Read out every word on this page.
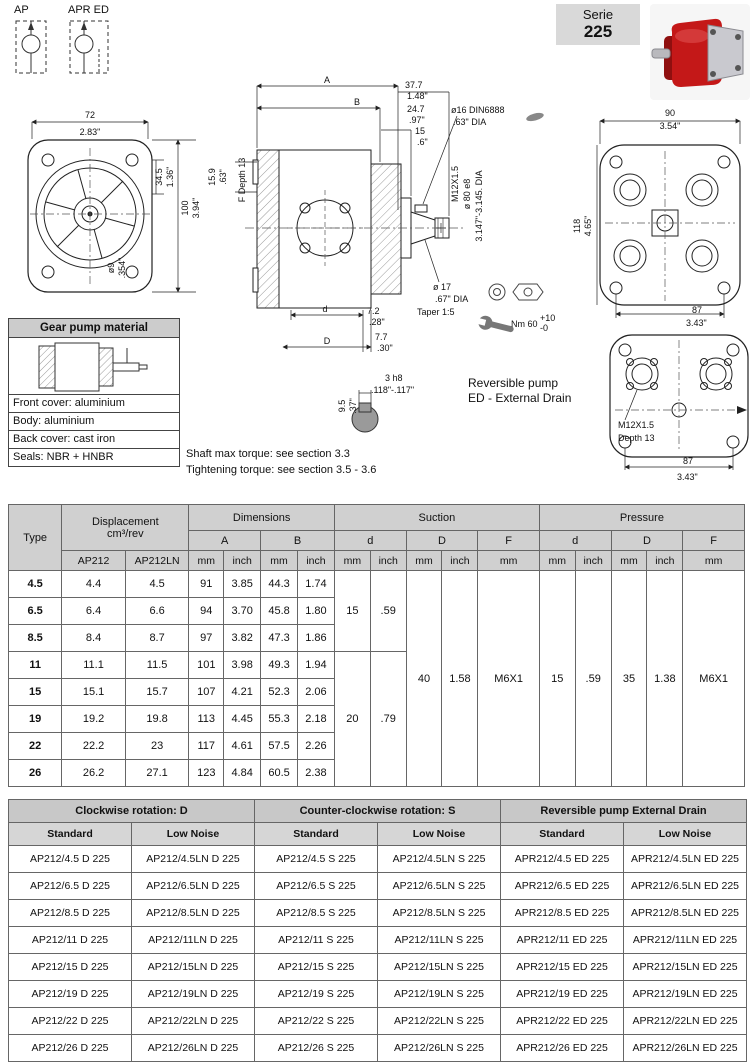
AP	APR ED	Serie
225
72
2.83"
34.5 1.36"
100 3.94"
ø9 .354"
A	37.7
1.48"
B
24.7
.97"
15
.6"
15.9 .63" F Depth 13
ø16 DIN6888
.63" DIA
M12X1.5 ø 80 e8 3.147"-3.145. DIA
ø 17
.67" DIA
Taper 1:5
Nm 60
+10
-0
7.2
.28"
d
7.7
.30"
D
3 h8
.118"-.117"
9.5 .37"
90
3.54"
118 4.65"
87
3.43"
M12X1.5
Depth 13
87
3.43"
Reversible pump
ED - External Drain
Gear pump material
Front cover: aluminium
Body: aluminium
Back cover: cast iron
Seals: NBR + HNBR	Shaft max torque: see section 3.3
Tightening torque: see section 3.5 - 3.6
Type	Displacement
cm³/rev		Dimensions				Suction					Pressure				
			A		B		d		D		F	d		D		F
	AP212	AP212LN	mm	inch	mm	inch	mm	inch	mm	inch	mm	mm	inch	mm	inch	mm
4.5	4.4	4.5	91	3.85	44.3	1.74	15	.59	40	1.58	M6X1	15	.59	35	1.38	M6X1
6.5	6.4	6.6	94	3.70	45.8	1.80										
8.5	8.4	8.7	97	3.82	47.3	1.86										
11	11.1	11.5	101	3.98	49.3	1.94	20	.79								
15	15.1	15.7	107	4.21	52.3	2.06										
19	19.2	19.8	113	4.45	55.3	2.18										
22	22.2	23	117	4.61	57.5	2.26										
26	26.2	27.1	123	4.84	60.5	2.38										
Clockwise rotation: D		Counter-clockwise rotation: S		Reversible pump External Drain	
Standard	Low Noise	Standard	Low Noise	Standard	Low Noise
AP212/4.5 D 225	AP212/4.5LN D 225	AP212/4.5 S 225	AP212/4.5LN S 225	APR212/4.5 ED 225	APR212/4.5LN ED 225
AP212/6.5 D 225	AP212/6.5LN D 225	AP212/6.5 S 225	AP212/6.5LN S 225	APR212/6.5 ED 225	APR212/6.5LN ED 225
AP212/8.5 D 225	AP212/8.5LN D 225	AP212/8.5 S 225	AP212/8.5LN S 225	APR212/8.5 ED 225	APR212/8.5LN ED 225
AP212/11 D 225	AP212/11LN D 225	AP212/11 S 225	AP212/11LN S 225	APR212/11 ED 225	APR212/11LN ED 225
AP212/15 D 225	AP212/15LN D 225	AP212/15 S 225	AP212/15LN S 225	APR212/15 ED 225	APR212/15LN ED 225
AP212/19 D 225	AP212/19LN D 225	AP212/19 S 225	AP212/19LN S 225	APR212/19 ED 225	APR212/19LN ED 225
AP212/22 D 225	AP212/22LN D 225	AP212/22 S 225	AP212/22LN S 225	APR212/22 ED 225	APR212/22LN ED 225
AP212/26 D 225	AP212/26LN D 225	AP212/26 S 225	AP212/26LN S 225	APR212/26 ED 225	APR212/26LN ED 225
